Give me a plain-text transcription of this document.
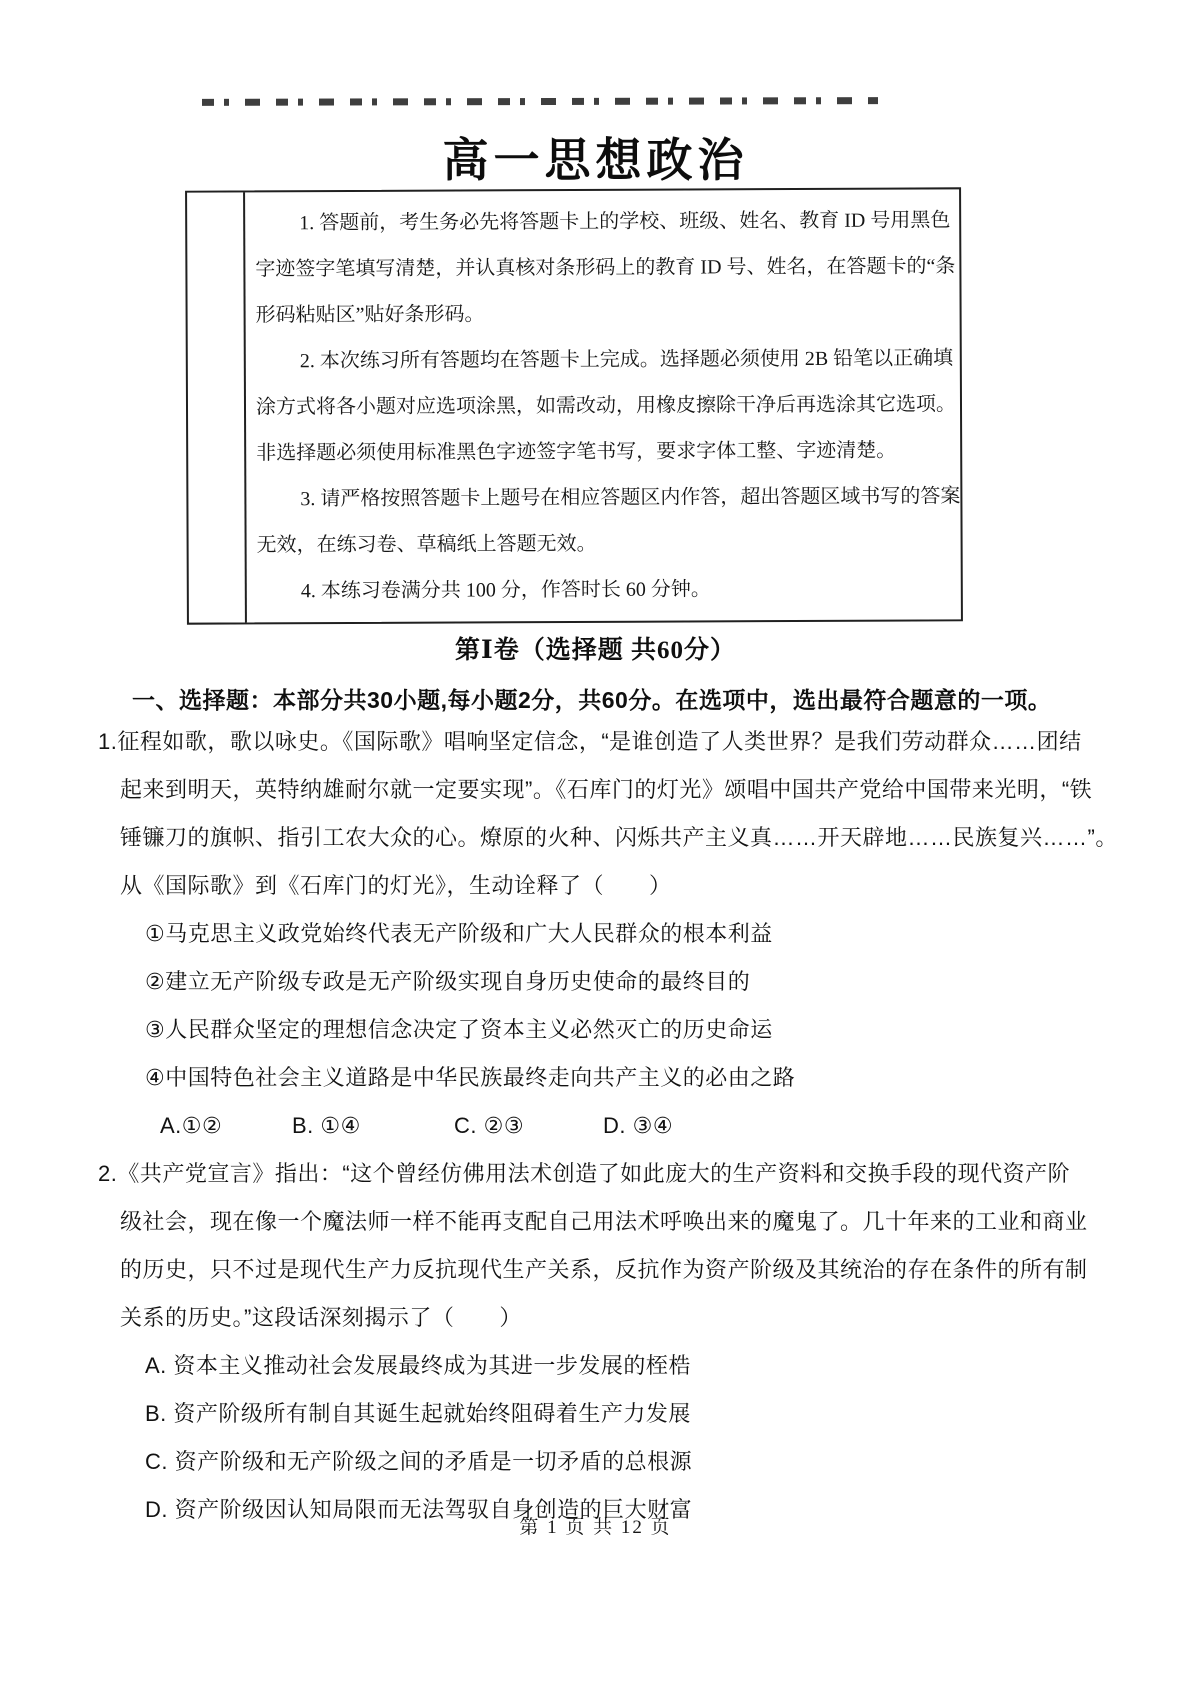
高一思想政治
1. 答题前，考生务必先将答题卡上的学校、班级、姓名、教育 ID 号用黑色
字迹签字笔填写清楚，并认真核对条形码上的教育 ID 号、姓名，在答题卡的“条
形码粘贴区”贴好条形码。
2. 本次练习所有答题均在答题卡上完成。选择题必须使用 2B 铅笔以正确填
涂方式将各小题对应选项涂黑，如需改动，用橡皮擦除干净后再选涂其它选项。
非选择题必须使用标准黑色字迹签字笔书写，要求字体工整、字迹清楚。
3. 请严格按照答题卡上题号在相应答题区内作答，超出答题区域书写的答案
无效，在练习卷、草稿纸上答题无效。
4. 本练习卷满分共 100 分，作答时长 60 分钟。
第Ⅰ卷（选择题 共60分）
一、选择题：本部分共30小题,每小题2分，共60分。在选项中，选出最符合题意的一项。
1.征程如歌，歌以咏史。《国际歌》唱响坚定信念，“是谁创造了人类世界？是我们劳动群众……团结
起来到明天，英特纳雄耐尔就一定要实现”。《石库门的灯光》颂唱中国共产党给中国带来光明，“铁
锤镰刀的旗帜、指引工农大众的心。燎原的火种、闪烁共产主义真……开天辟地……民族复兴……”。
从《国际歌》到《石库门的灯光》，生动诠释了（　　）
①马克思主义政党始终代表无产阶级和广大人民群众的根本利益
②建立无产阶级专政是无产阶级实现自身历史使命的最终目的
③人民群众坚定的理想信念决定了资本主义必然灭亡的历史命运
④中国特色社会主义道路是中华民族最终走向共产主义的必由之路
A.①②	B. ①④	C. ②③	D. ③④
2.《共产党宣言》指出：“这个曾经仿佛用法术创造了如此庞大的生产资料和交换手段的现代资产阶
级社会，现在像一个魔法师一样不能再支配自己用法术呼唤出来的魔鬼了。几十年来的工业和商业
的历史，只不过是现代生产力反抗现代生产关系，反抗作为资产阶级及其统治的存在条件的所有制
关系的历史。”这段话深刻揭示了（　　）
A. 资本主义推动社会发展最终成为其进一步发展的桎梏
B. 资产阶级所有制自其诞生起就始终阻碍着生产力发展
C. 资产阶级和无产阶级之间的矛盾是一切矛盾的总根源
D. 资产阶级因认知局限而无法驾驭自身创造的巨大财富
第 1 页 共 12 页
